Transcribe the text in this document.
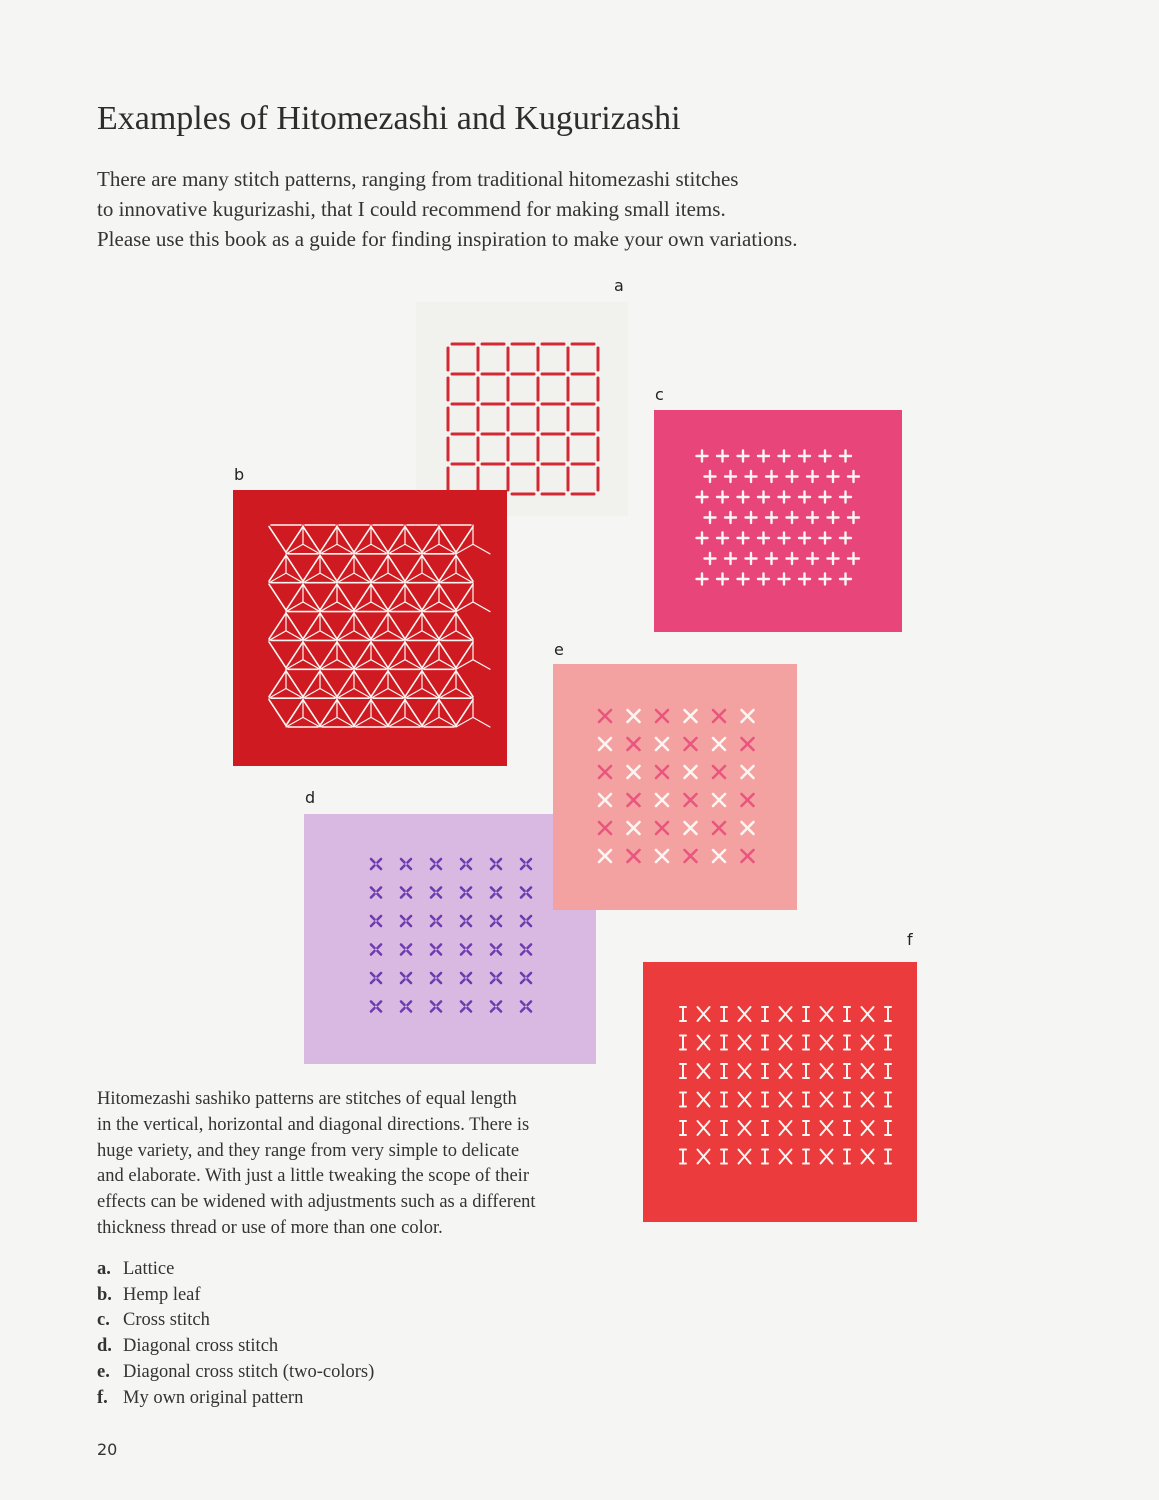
Examples of Hitomezashi and Kugurizashi

There are many stitch patterns, ranging from traditional hitomezashi stitches
to innovative kugurizashi, that I could recommend for making small items.
Please use this book as a guide for finding inspiration to make your own variations.

a
c
b
e
d
f

Hitomezashi sashiko patterns are stitches of equal length
in the vertical, horizontal and diagonal directions. There is
huge variety, and they range from very simple to delicate
and elaborate. With just a little tweaking the scope of their
effects can be widened with adjustments such as a different
thickness thread or use of more than one color.

a. Lattice
b. Hemp leaf
c. Cross stitch
d. Diagonal cross stitch
e. Diagonal cross stitch (two-colors)
f. My own original pattern
20
